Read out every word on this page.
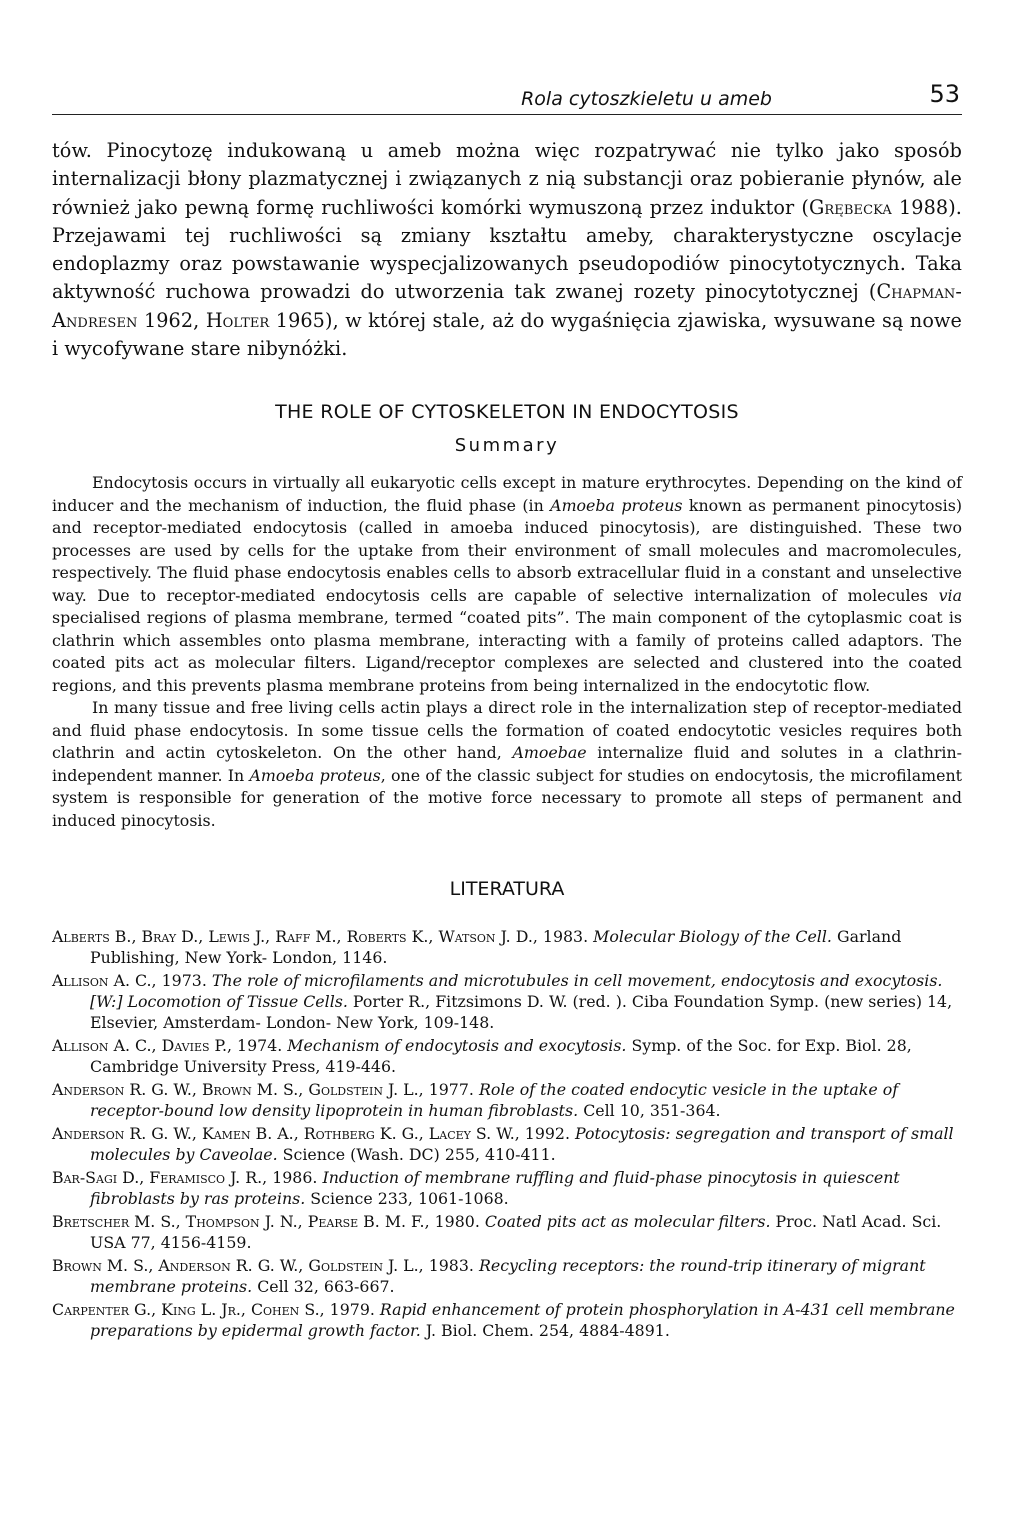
Rola cytoszkieletu u ameb	53
tów. Pinocytozę indukowaną u ameb można więc rozpatrywać nie tylko jako sposób internalizacji błony plazmatycznej i związanych z nią substancji oraz pobieranie płynów, ale również jako pewną formę ruchliwości komórki wymuszoną przez induktor (Grębecka 1988). Przejawami tej ruchliwości są zmiany kształtu ameby, charakterystyczne oscylacje endoplazmy oraz powstawanie wyspecjalizowanych pseudopodiów pinocytotycznych. Taka aktywność ruchowa prowadzi do utworzenia tak zwanej rozety pinocytotycznej (Chapman-Andresen 1962, Holter 1965), w której stale, aż do wygaśnięcia zjawiska, wysuwane są nowe i wycofywane stare nibynóżki.
THE ROLE OF CYTOSKELETON IN ENDOCYTOSIS
Summary

Endocytosis occurs in virtually all eukaryotic cells except in mature erythrocytes. Depending on the kind of inducer and the mechanism of induction, the fluid phase (in Amoeba proteus known as permanent pinocytosis) and receptor-mediated endocytosis (called in amoeba induced pinocytosis), are distinguished. These two processes are used by cells for the uptake from their environment of small molecules and macromolecules, respectively. The fluid phase endocytosis enables cells to absorb extracellular fluid in a constant and unselective way. Due to receptor-mediated endocytosis cells are capable of selective internalization of molecules via specialised regions of plasma membrane, termed “coated pits”. The main component of the cytoplasmic coat is clathrin which assembles onto plasma membrane, interacting with a family of proteins called adaptors. The coated pits act as molecular filters. Ligand/receptor complexes are selected and clustered into the coated regions, and this prevents plasma membrane proteins from being internalized in the endocytotic flow.

In many tissue and free living cells actin plays a direct role in the internalization step of receptor-mediated and fluid phase endocytosis. In some tissue cells the formation of coated endocytotic vesicles requires both clathrin and actin cytoskeleton. On the other hand, Amoebae internalize fluid and solutes in a clathrin-independent manner. In Amoeba proteus, one of the classic subject for studies on endocytosis, the microfilament system is responsible for generation of the motive force necessary to promote all steps of permanent and induced pinocytosis.

LITERATURA
Alberts B., Bray D., Lewis J., Raff M., Roberts K., Watson J. D., 1983. Molecular Biology of the Cell. Garland Publishing, New York- London, 1146.
Allison A. C., 1973. The role of microfilaments and microtubules in cell movement, endocytosis and exocytosis. [W:] Locomotion of Tissue Cells. Porter R., Fitzsimons D. W. (red. ). Ciba Foundation Symp. (new series) 14, Elsevier, Amsterdam- London- New York, 109-148.
Allison A. C., Davies P., 1974. Mechanism of endocytosis and exocytosis. Symp. of the Soc. for Exp. Biol. 28, Cambridge University Press, 419-446.
Anderson R. G. W., Brown M. S., Goldstein J. L., 1977. Role of the coated endocytic vesicle in the uptake of receptor-bound low density lipoprotein in human fibroblasts. Cell 10, 351-364.
Anderson R. G. W., Kamen B. A., Rothberg K. G., Lacey S. W., 1992. Potocytosis: segregation and transport of small molecules by Caveolae. Science (Wash. DC) 255, 410-411.
Bar-Sagi D., Feramisco J. R., 1986. Induction of membrane ruffling and fluid-phase pinocytosis in quiescent fibroblasts by ras proteins. Science 233, 1061-1068.
Bretscher M. S., Thompson J. N., Pearse B. M. F., 1980. Coated pits act as molecular filters. Proc. Natl Acad. Sci. USA 77, 4156-4159.
Brown M. S., Anderson R. G. W., Goldstein J. L., 1983. Recycling receptors: the round-trip itinerary of migrant membrane proteins. Cell 32, 663-667.
Carpenter G., King L. Jr., Cohen S., 1979. Rapid enhancement of protein phosphorylation in A-431 cell membrane preparations by epidermal growth factor. J. Biol. Chem. 254, 4884-4891.
